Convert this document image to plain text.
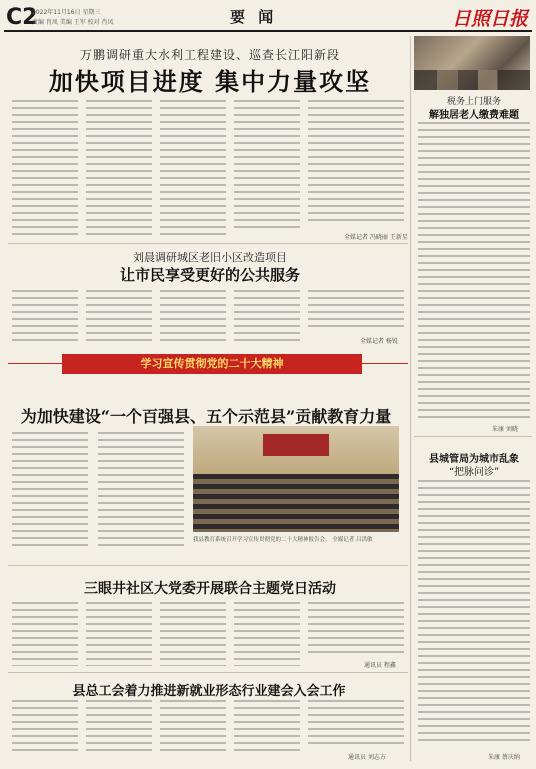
C2
2022年11月16日 星期三
责编 肖凤 美编 王军 校对 肖凤	要 闻	日照日报
万鹏调研重大水利工程建设、巡查长江阳新段
加快项目进度 集中力量攻坚
全媒记者 冯晓丽 王新星
税务上门服务
解独居老人缴费难题
朱康 刘晓
刘晨调研城区老旧小区改造项目
让市民享受更好的公共服务
全媒记者 杨锐
学习宣传贯彻党的二十大精神
为加快建设“一个百强县、五个示范县”贡献教育力量
我县教育系统召开学习宣传贯彻党的二十大精神报告会。 全媒记者 吕洪敏
县城管局为城市乱象
“把脉问诊”
朱康 蔡庆纳
三眼井社区大党委开展联合主题党日活动
通讯员 程鑫
县总工会着力推进新就业形态行业建会入会工作
通讯员 刘志方
